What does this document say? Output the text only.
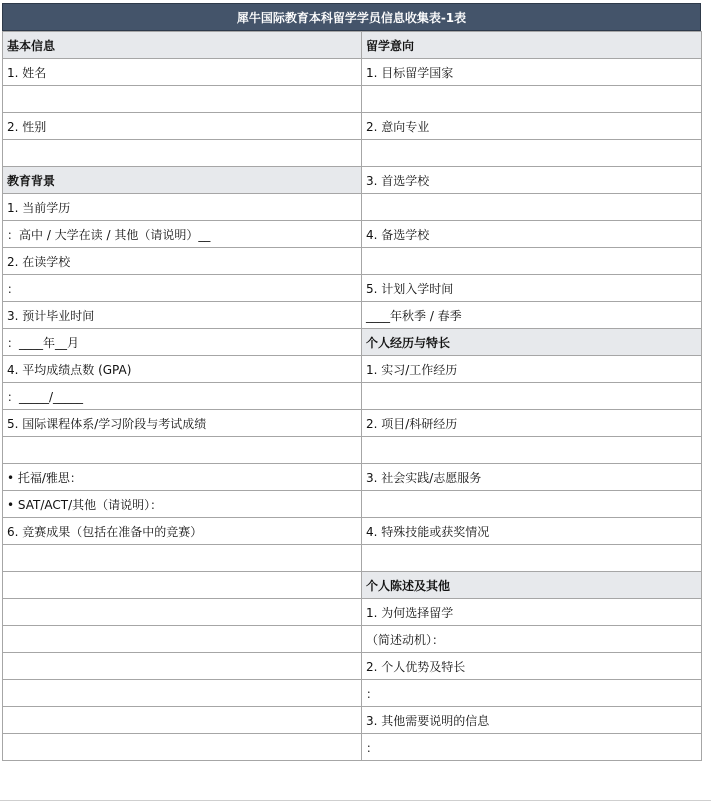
犀牛国际教育本科留学学员信息收集表-1表
基本信息	留学意向
1. 姓名	1. 目标留学国家

2. 性别	2. 意向专业

教育背景	3. 首选学校
1. 当前学历	
：高中 / 大学在读 / 其他（请说明）__	4. 备选学校
2. 在读学校	
：	5. 计划入学时间
3. 预计毕业时间	____年秋季 / 春季
：____年__月	个人经历与特长
4. 平均成绩点数 (GPA)	1. 实习/工作经历
：_____/_____	
5. 国际课程体系/学习阶段与考试成绩	2. 项目/科研经历

• 托福/雅思：	3. 社会实践/志愿服务
• SAT/ACT/其他（请说明）：	
6. 竞赛成果（包括在准备中的竞赛）	4. 特殊技能或获奖情况

	个人陈述及其他
	1. 为何选择留学
	（简述动机）：
	2. 个人优势及特长
	：
	3. 其他需要说明的信息
	：
